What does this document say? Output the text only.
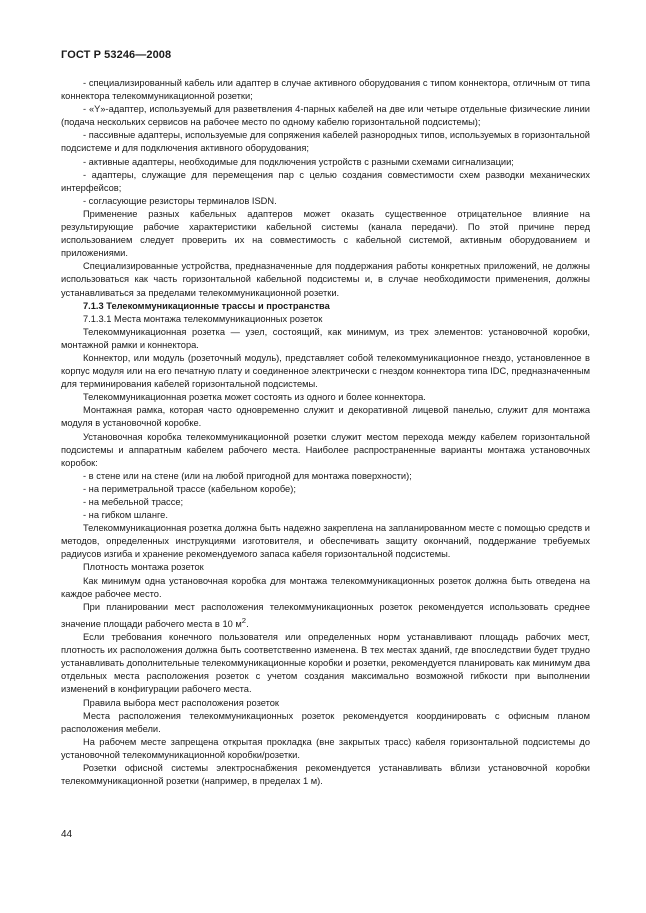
ГОСТ Р 53246—2008

- специализированный кабель или адаптер в случае активного оборудования с типом коннектора, отличным от типа коннектора телекоммуникационной розетки;

- «Y»-адаптер, используемый для разветвления 4-парных кабелей на две или четыре отдельные физические линии (подача нескольких сервисов на рабочее место по одному кабелю горизонтальной подсистемы);

- пассивные адаптеры, используемые для сопряжения кабелей разнородных типов, используемых в горизонтальной подсистеме и для подключения активного оборудования;

- активные адаптеры, необходимые для подключения устройств с разными схемами сигнализации;

- адаптеры, служащие для перемещения пар с целью создания совместимости схем разводки механических интерфейсов;

- согласующие резисторы терминалов ISDN.

Применение разных кабельных адаптеров может оказать существенное отрицательное влияние на результирующие рабочие характеристики кабельной системы (канала передачи). По этой причине перед использованием следует проверить их на совместимость с кабельной системой, активным оборудованием и приложениями.

Специализированные устройства, предназначенные для поддержания работы конкретных приложений, не должны использоваться как часть горизонтальной кабельной подсистемы и, в случае необходимости применения, должны устанавливаться за пределами телекоммуникационной розетки.

7.1.3 Телекоммуникационные трассы и пространства

7.1.3.1 Места монтажа телекоммуникационных розеток

Телекоммуникационная розетка — узел, состоящий, как минимум, из трех элементов: установочной коробки, монтажной рамки и коннектора.

Коннектор, или модуль (розеточный модуль), представляет собой телекоммуникационное гнездо, установленное в корпус модуля или на его печатную плату и соединенное электрически с гнездом коннектора типа IDC, предназначенным для терминирования кабелей горизонтальной подсистемы.

Телекоммуникационная розетка может состоять из одного и более коннектора.

Монтажная рамка, которая часто одновременно служит и декоративной лицевой панелью, служит для монтажа модуля в установочной коробке.

Установочная коробка телекоммуникационной розетки служит местом перехода между кабелем горизонтальной подсистемы и аппаратным кабелем рабочего места. Наиболее распространенные варианты монтажа установочных коробок:

- в стене или на стене (или на любой пригодной для монтажа поверхности);

- на периметральной трассе (кабельном коробе);

- на мебельной трассе;

- на гибком шланге.

Телекоммуникационная розетка должна быть надежно закреплена на запланированном месте с помощью средств и методов, определенных инструкциями изготовителя, и обеспечивать защиту окончаний, поддержание требуемых радиусов изгиба и хранение рекомендуемого запаса кабеля горизонтальной подсистемы.

Плотность монтажа розеток

Как минимум одна установочная коробка для монтажа телекоммуникационных розеток должна быть отведена на каждое рабочее место.

При планировании мест расположения телекоммуникационных розеток рекомендуется использовать среднее значение площади рабочего места в 10 $м^2$.

Если требования конечного пользователя или определенных норм устанавливают площадь рабочих мест, плотность их расположения должна быть соответственно изменена. В тех местах зданий, где впоследствии будет трудно устанавливать дополнительные телекоммуникационные коробки и розетки, рекомендуется планировать как минимум два отдельных места расположения розеток с учетом создания максимально возможной гибкости при выполнении изменений в конфигурации рабочего места.

Правила выбора мест расположения розеток

Места расположения телекоммуникационных розеток рекомендуется координировать с офисным планом расположения мебели.

На рабочем месте запрещена открытая прокладка (вне закрытых трасс) кабеля горизонтальной подсистемы до установочной телекоммуникационной коробки/розетки.

Розетки офисной системы электроснабжения рекомендуется устанавливать вблизи установочной коробки телекоммуникационной розетки (например, в пределах 1 м).

44
